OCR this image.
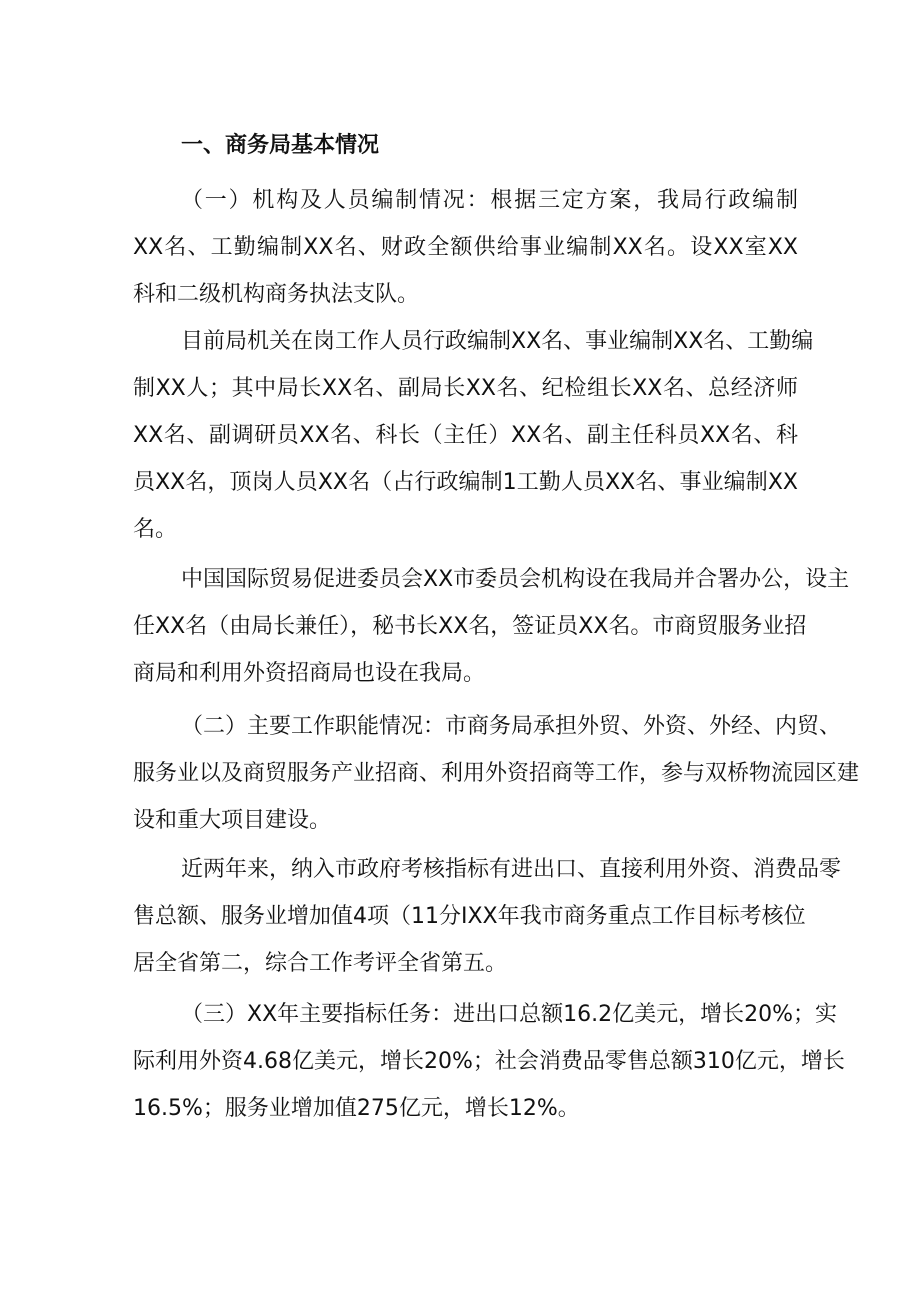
一、商务局基本情况
（一）机构及人员编制情况：根据三定方案，我局行政编制
XX名、工勤编制XX名、财政全额供给事业编制XX名。设XX室XX
科和二级机构商务执法支队。
目前局机关在岗工作人员行政编制XX名、事业编制XX名、工勤编
制XX人；其中局长XX名、副局长XX名、纪检组长XX名、总经济师
XX名、副调研员XX名、科长（主任）XX名、副主任科员XX名、科
员XX名，顶岗人员XX名（占行政编制1工勤人员XX名、事业编制XX
名。
中国国际贸易促进委员会XX市委员会机构设在我局并合署办公，设主
任XX名（由局长兼任），秘书长XX名，签证员XX名。市商贸服务业招
商局和利用外资招商局也设在我局。
（二）主要工作职能情况：市商务局承担外贸、外资、外经、内贸、
服务业以及商贸服务产业招商、利用外资招商等工作，参与双桥物流园区建
设和重大项目建设。
近两年来，纳入市政府考核指标有进出口、直接利用外资、消费品零
售总额、服务业增加值4项（11分IXX年我市商务重点工作目标考核位
居全省第二，综合工作考评全省第五。
（三）XX年主要指标任务：进出口总额16.2亿美元，增长20%；实
际利用外资4.68亿美元，增长20%；社会消费品零售总额310亿元，增长
16.5%；服务业增加值275亿元，增长12%。
